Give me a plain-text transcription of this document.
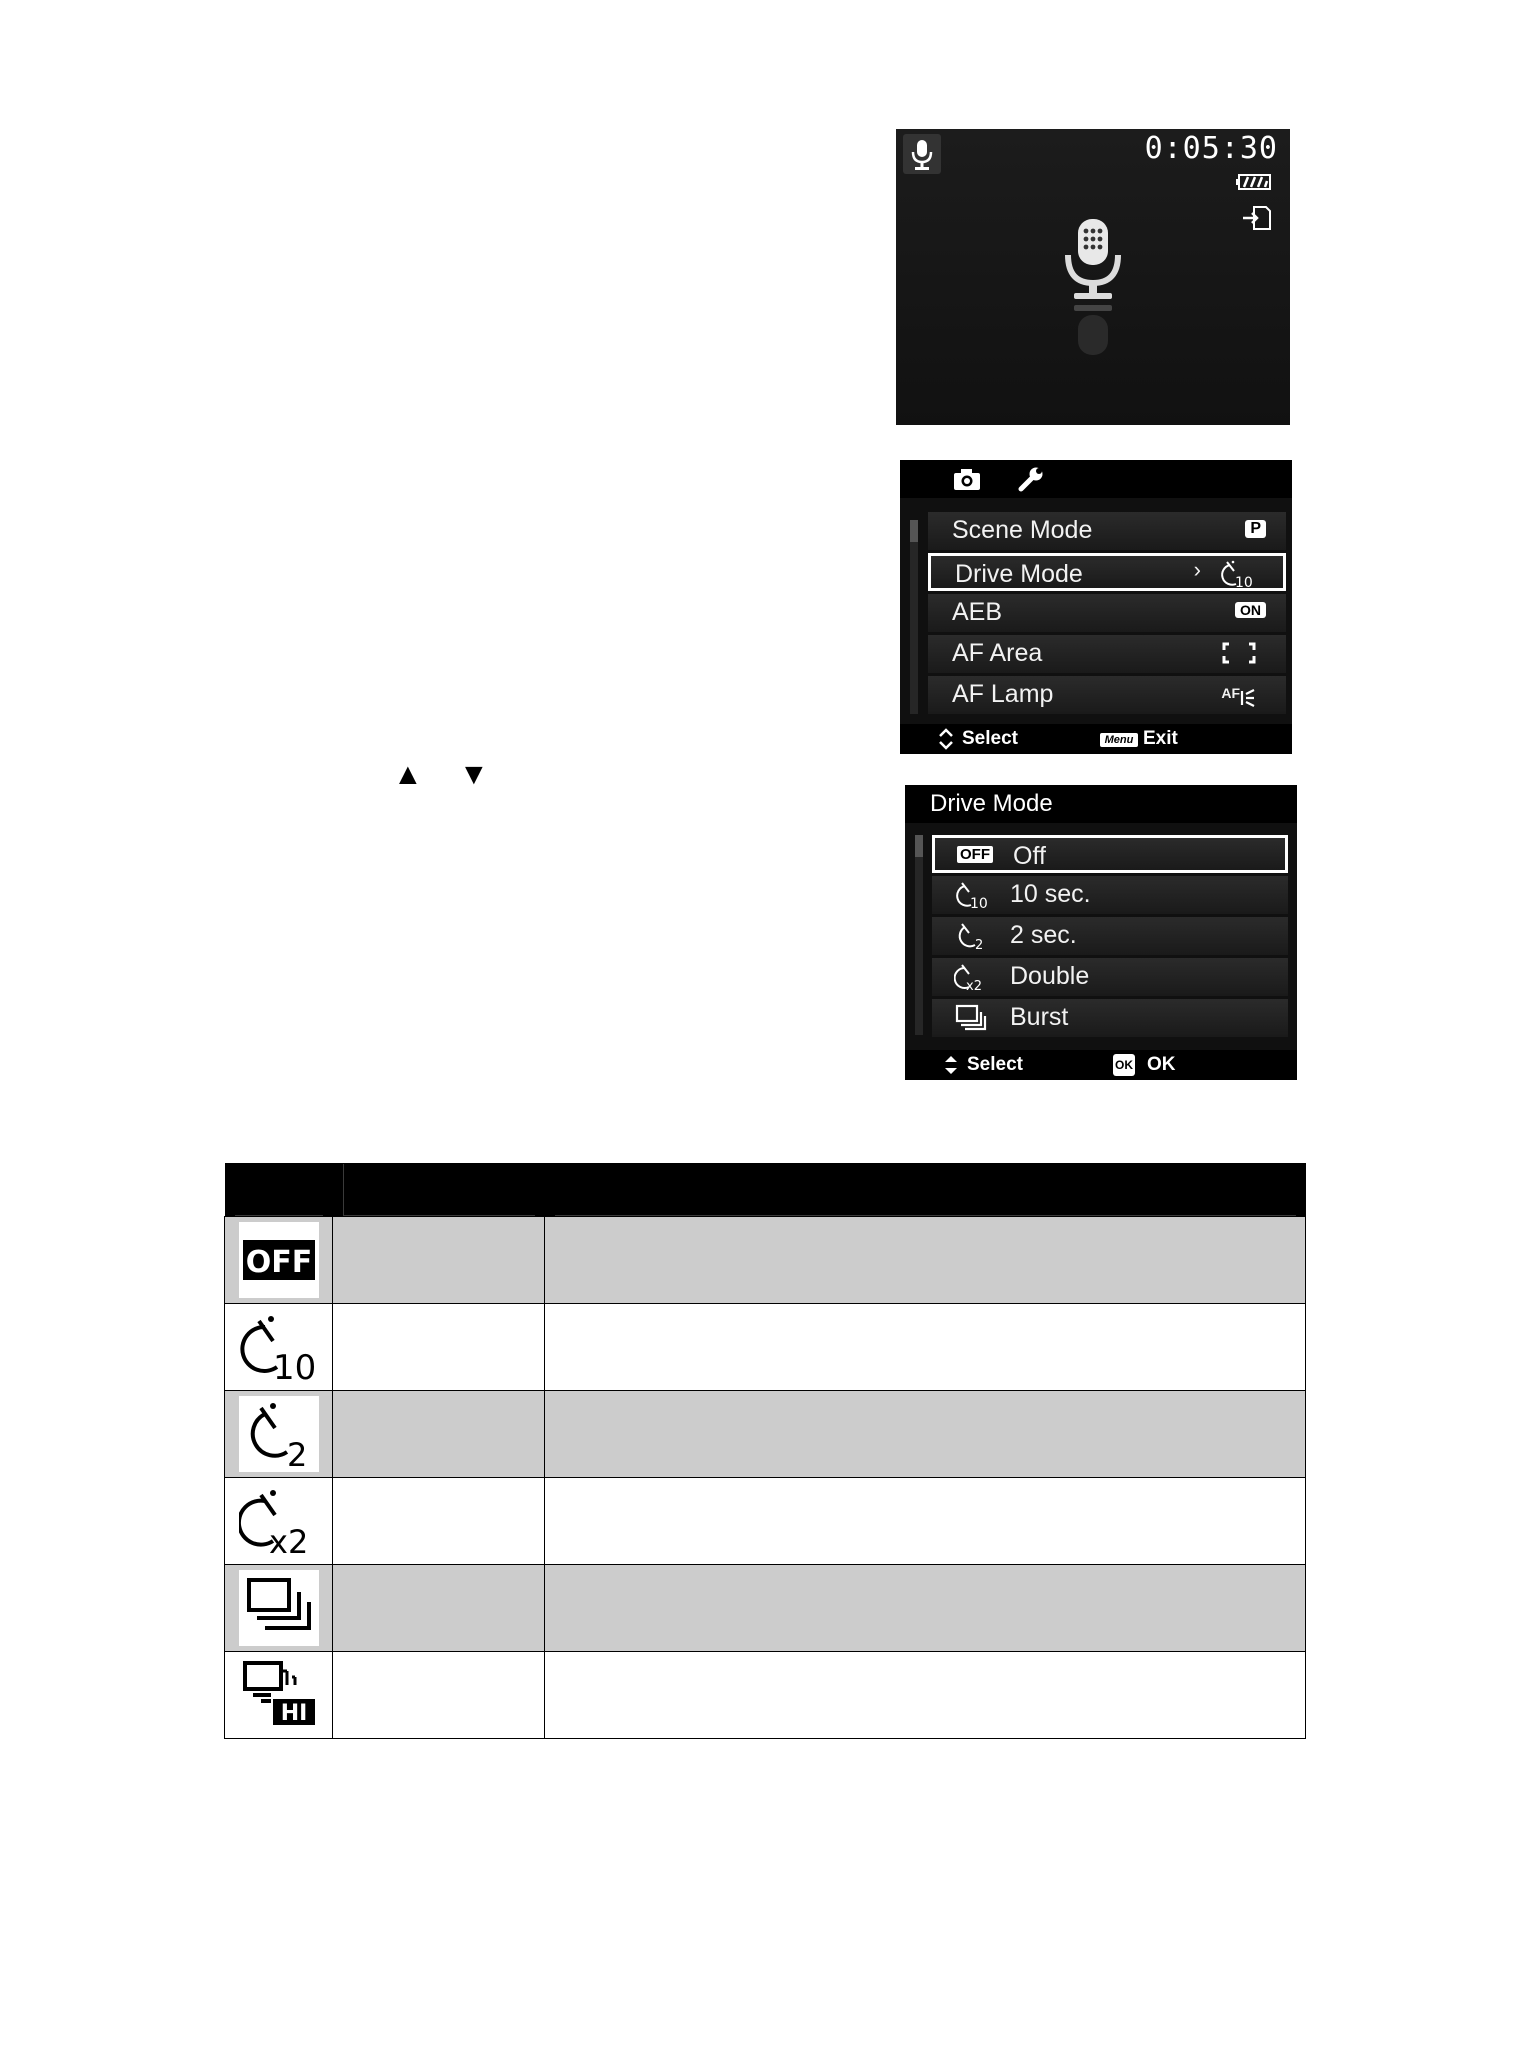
0:05:30
Scene Mode	P
Drive Mode	›
10
AEB	ON
AF Area
AF Lamp	AF
Select	Menu Exit
▲ ▼
Drive Mode
OFF Off
10 10 sec.
2 2 sec.
x2 Double
Burst
Select	OK OK

OFF		

10		

2		

x2		

HI		
